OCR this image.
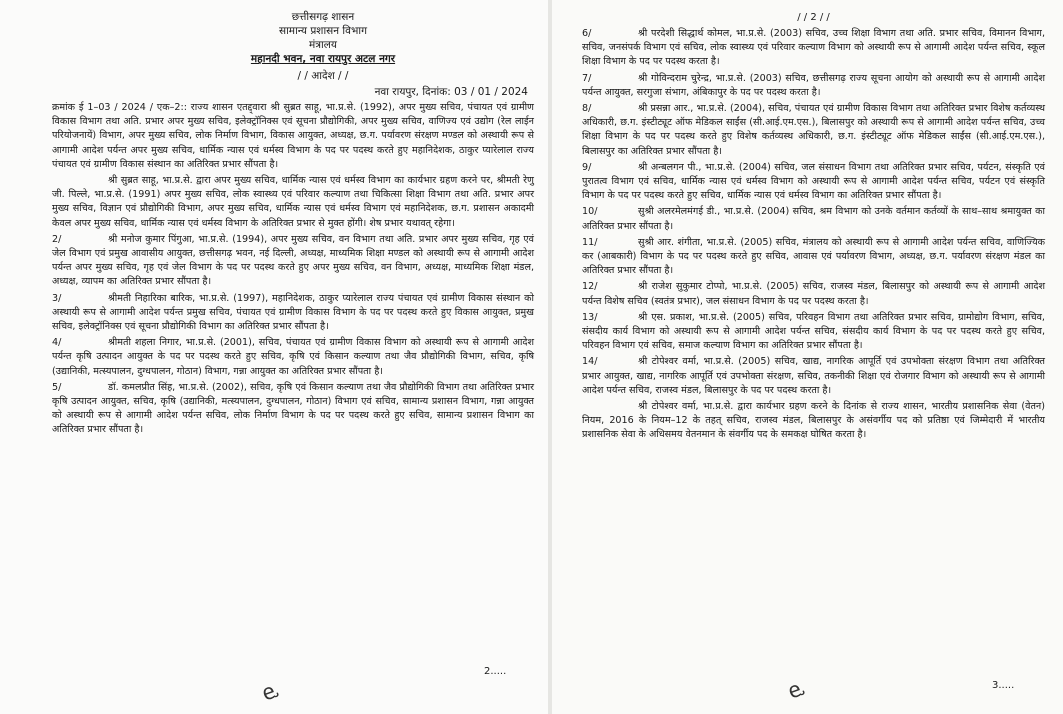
छत्तीसगढ़ शासन
सामान्य प्रशासन विभाग
मंत्रालय
महानदी भवन, नवा रायपुर अटल नगर
/ / आदेश / /
नवा रायपुर, दिनांक: 03 / 01 / 2024

क्रमांक ई 1–03 / 2024 / एक–2:: राज्य शासन एतद्द्वारा श्री सुब्रत साहू, भा.प्र.से. (1992), अपर मुख्य सचिव, पंचायत एवं ग्रामीण विकास विभाग तथा अति. प्रभार अपर मुख्य सचिव, इलेक्ट्रॉनिक्स एवं सूचना प्रौद्योगिकी, अपर मुख्य सचिव, वाणिज्य एवं उद्योग (रेल लाईन परियोजनायें) विभाग, अपर मुख्य सचिव, लोक निर्माण विभाग, विकास आयुक्त, अध्यक्ष, छ.ग. पर्यावरण संरक्षण मण्डल को अस्थायी रूप से आगामी आदेश पर्यन्त अपर मुख्य सचिव, धार्मिक न्यास एवं धर्मस्व विभाग के पद पर पदस्थ करते हुए महानिदेशक, ठाकुर प्यारेलाल राज्य पंचायत एवं ग्रामीण विकास संस्थान का अतिरिक्त प्रभार सौंपता है।

श्री सुब्रत साहू, भा.प्र.से. द्वारा अपर मुख्य सचिव, धार्मिक न्यास एवं धर्मस्व विभाग का कार्यभार ग्रहण करने पर, श्रीमती रेणु जी. पिल्ले, भा.प्र.से. (1991) अपर मुख्य सचिव, लोक स्वास्थ्य एवं परिवार कल्याण तथा चिकित्सा शिक्षा विभाग तथा अति. प्रभार अपर मुख्य सचिव, विज्ञान एवं प्रौद्योगिकी विभाग, अपर मुख्य सचिव, धार्मिक न्यास एवं धर्मस्व विभाग एवं महानिदेशक, छ.ग. प्रशासन अकादमी केवल अपर मुख्य सचिव, धार्मिक न्यास एवं धर्मस्व विभाग के अतिरिक्त प्रभार से मुक्त होंगी। शेष प्रभार यथावत् रहेगा।

2/	श्री मनोज कुमार पिंगुआ, भा.प्र.से. (1994), अपर मुख्य सचिव, वन विभाग तथा अति. प्रभार अपर मुख्य सचिव, गृह एवं जेल विभाग एवं प्रमुख आवासीय आयुक्त, छत्तीसगढ़ भवन, नई दिल्ली, अध्यक्ष, माध्यमिक शिक्षा मण्डल को अस्थायी रूप से आगामी आदेश पर्यन्त अपर मुख्य सचिव, गृह एवं जेल विभाग के पद पर पदस्थ करते हुए अपर मुख्य सचिव, वन विभाग, अध्यक्ष, माध्यमिक शिक्षा मंडल, अध्यक्ष, व्यापम का अतिरिक्त प्रभार सौंपता है।

3/	श्रीमती निहारिका बारिक, भा.प्र.से. (1997), महानिदेशक, ठाकुर प्यारेलाल राज्य पंचायत एवं ग्रामीण विकास संस्थान को अस्थायी रूप से आगामी आदेश पर्यन्त प्रमुख सचिव, पंचायत एवं ग्रामीण विकास विभाग के पद पर पदस्थ करते हुए विकास आयुक्त, प्रमुख सचिव, इलेक्ट्रॉनिक्स एवं सूचना प्रौद्योगिकी विभाग का अतिरिक्त प्रभार सौंपता है।

4/	श्रीमती शहला निगार, भा.प्र.से. (2001), सचिव, पंचायत एवं ग्रामीण विकास विभाग को अस्थायी रूप से आगामी आदेश पर्यन्त कृषि उत्पादन आयुक्त के पद पर पदस्थ करते हुए सचिव, कृषि एवं किसान कल्याण तथा जैव प्रौद्योगिकी विभाग, सचिव, कृषि (उद्यानिकी, मत्स्यपालन, दुग्धपालन, गोठान) विभाग, गन्ना आयुक्त का अतिरिक्त प्रभार सौंपता है।

5/	डॉ. कमलप्रीत सिंह, भा.प्र.से. (2002), सचिव, कृषि एवं किसान कल्याण तथा जैव प्रौद्योगिकी विभाग तथा अतिरिक्त प्रभार कृषि उत्पादन आयुक्त, सचिव, कृषि (उद्यानिकी, मत्स्यपालन, दुग्धपालन, गोठान) विभाग एवं सचिव, सामान्य प्रशासन विभाग, गन्ना आयुक्त को अस्थायी रूप से आगामी आदेश पर्यन्त सचिव, लोक निर्माण विभाग के पद पर पदस्थ करते हुए सचिव, सामान्य प्रशासन विभाग का अतिरिक्त प्रभार सौंपता है।

ⱸ
2.....
/ / 2 / /

6/	श्री परदेशी सिद्धार्थ कोमल, भा.प्र.से. (2003) सचिव, उच्च शिक्षा विभाग तथा अति. प्रभार सचिव, विमानन विभाग, सचिव, जनसंपर्क विभाग एवं सचिव, लोक स्वास्थ्य एवं परिवार कल्याण विभाग को अस्थायी रूप से आगामी आदेश पर्यन्त सचिव, स्कूल शिक्षा विभाग के पद पर पदस्थ करता है।

7/	श्री गोविन्दराम चुरेन्द्र, भा.प्र.से. (2003) सचिव, छत्तीसगढ़ राज्य सूचना आयोग को अस्थायी रूप से आगामी आदेश पर्यन्त आयुक्त, सरगुजा संभाग, अंबिकापुर के पद पर पदस्थ करता है।

8/	श्री प्रसन्ना आर., भा.प्र.से. (2004), सचिव, पंचायत एवं ग्रामीण विकास विभाग तथा अतिरिक्त प्रभार विशेष कर्तव्यस्थ अधिकारी, छ.ग. इंस्टीट्यूट ऑफ मेडिकल साईंस (सी.आई.एम.एस.), बिलासपुर को अस्थायी रूप से आगामी आदेश पर्यन्त सचिव, उच्च शिक्षा विभाग के पद पर पदस्थ करते हुए विशेष कर्तव्यस्थ अधिकारी, छ.ग. इंस्टीट्यूट ऑफ मेडिकल साईंस (सी.आई.एम.एस.), बिलासपुर का अतिरिक्त प्रभार सौंपता है।

9/	श्री अन्बलगन पी., भा.प्र.से. (2004) सचिव, जल संसाधन विभाग तथा अतिरिक्त प्रभार सचिव, पर्यटन, संस्कृति एवं पुरातत्व विभाग एवं सचिव, धार्मिक न्यास एवं धर्मस्व विभाग को अस्थायी रूप से आगामी आदेश पर्यन्त सचिव, पर्यटन एवं संस्कृति विभाग के पद पर पदस्थ करते हुए सचिव, धार्मिक न्यास एवं धर्मस्व विभाग का अतिरिक्त प्रभार सौंपता है।

10/	सुश्री अलरमेलमंगई डी., भा.प्र.से. (2004) सचिव, श्रम विभाग को उनके वर्तमान कर्तव्यों के साथ–साथ श्रमायुक्त का अतिरिक्त प्रभार सौंपता है।

11/	सुश्री आर. शंगीता, भा.प्र.से. (2005) सचिव, मंत्रालय को अस्थायी रूप से आगामी आदेश पर्यन्त सचिव, वाणिज्यिक कर (आबकारी) विभाग के पद पर पदस्थ करते हुए सचिव, आवास एवं पर्यावरण विभाग, अध्यक्ष, छ.ग. पर्यावरण संरक्षण मंडल का अतिरिक्त प्रभार सौंपता है।

12/	श्री राजेश सुकुमार टोप्पो, भा.प्र.से. (2005) सचिव, राजस्व मंडल, बिलासपुर को अस्थायी रूप से आगामी आदेश पर्यन्त विशेष सचिव (स्वतंत्र प्रभार), जल संसाधन विभाग के पद पर पदस्थ करता है।

13/	श्री एस. प्रकाश, भा.प्र.से. (2005) सचिव, परिवहन विभाग तथा अतिरिक्त प्रभार सचिव, ग्रामोद्योग विभाग, सचिव, संसदीय कार्य विभाग को अस्थायी रूप से आगामी आदेश पर्यन्त सचिव, संसदीय कार्य विभाग के पद पर पदस्थ करते हुए सचिव, परिवहन विभाग एवं सचिव, समाज कल्याण विभाग का अतिरिक्त प्रभार सौंपता है।

14/	श्री टोपेश्वर वर्मा, भा.प्र.से. (2005) सचिव, खाद्य, नागरिक आपूर्ति एवं उपभोक्ता संरक्षण विभाग तथा अतिरिक्त प्रभार आयुक्त, खाद्य, नागरिक आपूर्ति एवं उपभोक्ता संरक्षण, सचिव, तकनीकी शिक्षा एवं रोजगार विभाग को अस्थायी रूप से आगामी आदेश पर्यन्त सचिव, राजस्व मंडल, बिलासपुर के पद पर पदस्थ करता है।

श्री टोपेश्वर वर्मा, भा.प्र.से. द्वारा कार्यभार ग्रहण करने के दिनांक से राज्य शासन, भारतीय प्रशासनिक सेवा (वेतन) नियम, 2016 के नियम–12 के तहत् सचिव, राजस्व मंडल, बिलासपुर के असंवर्गीय पद को प्रतिष्ठा एवं जिम्मेदारी में भारतीय प्रशासनिक सेवा के अधिसमय वेतनमान के संवर्गीय पद के समकक्ष घोषित करता है।

ⱸ	3.....
